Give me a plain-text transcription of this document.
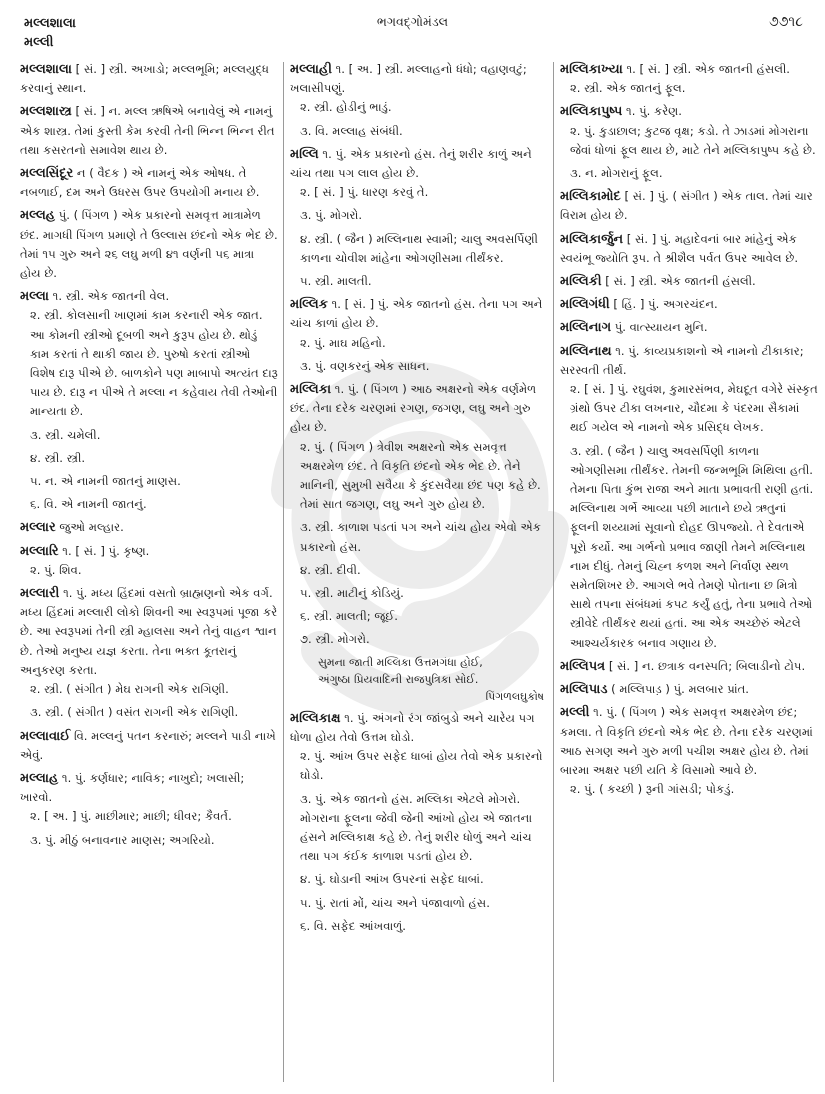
મલ્લશાલા
મલ્લી
ભગવદ્ગોમંડલ	૭૭૧૮
મલ્લશાલા [ સં. ] સ્ત્રી. અખાડો; મલ્લભૂમિ; મલ્લયુદ્ધ કરવાનું સ્થાન.
મલ્લશાસ્ત્ર [ સં. ] ન. મલ્લ ઋષિએ બનાવેલું એ નામનું એક શાસ્ત્ર. તેમાં કુસ્તી કેમ કરવી તેની ભિન્ન ભિન્ન રીત તથા કસરતનો સમાવેશ થાય છે.
મલ્લસિંદૂર ન ( વૈદક ) એ નામનું એક ઓષધ. તે નબળાઈ, દમ અને ઉધરસ ઉપર ઉપયોગી મનાય છે.
મલ્લહ પું. ( પિંગળ ) એક પ્રકારનો સમવૃત્ત માત્રામેળ છંદ. માગધી પિંગળ પ્રમાણે તે ઉલ્લાસ છંદનો એક ભેદ છે. તેમાં ૧૫ ગુરુ અને ૨૬ લઘુ મળી ૪૧ વર્ણની ૫૬ માત્રા હોય છે.
મલ્લા ૧. સ્ત્રી. એક જાતની વેલ.
૨. સ્ત્રી. કોલસાની ખાણમાં કામ કરનારી એક જાત. આ કોમની સ્ત્રીઓ દૂબળી અને કુરૂપ હોય છે. થોડું કામ કરતાં તે થાકી જાય છે. પુરુષો કરતાં સ્ત્રીઓ વિશેષ દારૂ પીએ છે. બાળકોને પણ માબાપો અત્યંત દારૂ પાય છે. દારૂ ન પીએ તે મલ્લા ન કહેવાય તેવી તેઓની માન્યતા છે.
૩. સ્ત્રી. ચમેલી.
૪. સ્ત્રી. સ્ત્રી.
૫. ન. એ નામની જાતનું માણસ.
૬. વિ. એ નામની જાતનું.
મલ્લાર જુઓ મલ્હાર.
મલ્લારિ ૧. [ સં. ] પું. કૃષ્ણ.
૨. પું. શિવ.
મલ્લારી ૧. પું. મધ્ય હિંદમાં વસતો બ્રાહ્મણનો એક વર્ગ. મધ્ય હિંદમાં મલ્લારી લોકો શિવની આ સ્વરૂપમાં પૂજા કરે છે. આ સ્વરૂપમાં તેની સ્ત્રી મ્હાલસા અને તેનું વાહન શ્વાન છે. તેઓ મનુષ્ય યજ્ઞ કરતા. તેના ભક્ત કૂતરાનું અનુકરણ કરતા.
૨. સ્ત્રી. ( સંગીત ) મેઘ રાગની એક રાગિણી.
૩. સ્ત્રી. ( સંગીત ) વસંત રાગની એક રાગિણી.
મલ્લાવાઈ વિ. મલ્લનું પતન કરનારું; મલ્લને પાડી નાખે એવું.
મલ્લાહ ૧. પું. કર્ણધાર; નાવિક; નાખુદો; ખલાસી; ખારવો.
૨. [ અ. ] પું. માછીમાર; માછી; ધીવર; કૈવર્ત.
૩. પું. મીઠું બનાવનાર માણસ; અગરિયો.
મલ્લાહી ૧. [ અ. ] સ્ત્રી. મલ્લાહનો ધંધો; વહાણવટું; ખલાસીપણું.
૨. સ્ત્રી. હોડીનું ભાડું.
૩. વિ. મલ્લાહ સંબંધી.
મલ્લિ ૧. પું. એક પ્રકારનો હંસ. તેનું શરીર કાળું અને ચાંચ તથા પગ લાલ હોય છે.
૨. [ સં. ] પું. ધારણ કરવું તે.
૩. પું. મોગરો.
૪. સ્ત્રી. ( જૈન ) મલ્લિનાથ સ્વામી; ચાલુ અવસર્પિણી કાળના ચોવીશ માંહેના ઓગણીસમા તીર્થંકર.
૫. સ્ત્રી. માલતી.
મલ્લિક ૧. [ સં. ] પું. એક જાતનો હંસ. તેના પગ અને ચાંચ કાળાં હોય છે.
૨. પું. માઘ મહિનો.
૩. પું. વણકરનું એક સાધન.
મલ્લિકા ૧. પું. ( પિંગળ ) આઠ અક્ષરનો એક વર્ણમેળ છંદ. તેના દરેક ચરણમાં રગણ, જગણ, લઘુ અને ગુરુ હોય છે.
૨. પું. ( પિંગળ ) ત્રેવીશ અક્ષરનો એક સમવૃત્ત અક્ષરમેળ છંદ. તે વિકૃતિ છંદનો એક ભેદ છે. તેને માનિની, સુમુખી સવૈયા કે કુંદસવૈયા છંદ પણ કહે છે. તેમાં સાત જગણ, લઘુ અને ગુરુ હોય છે.
૩. સ્ત્રી. કાળાશ પડતાં પગ અને ચાંચ હોય એવો એક પ્રકારનો હંસ.
૪. સ્ત્રી. દીવી.
૫. સ્ત્રી. માટીનું કોડિયું.
૬. સ્ત્રી. માલતી; જૂઈ.
૭. સ્ત્રી. મોગરો.
સુમના જાતી મલ્લિકા ઉત્તમગંધા હોઈ,
અંગુષ્ઠા પ્રિયવાદિની રાજપુત્રિકા સોઈ.
પિંગળલઘુકોષ
મલ્લિકાક્ષ ૧. પું. અંગનો રંગ જાંબુડો અને ચારેય પગ ધોળા હોય તેવો ઉત્તમ ઘોડો.
૨. પું. આંખ ઉપર સફેદ ધાબાં હોય તેવો એક પ્રકારનો ઘોડો.
૩. પું. એક જાતનો હંસ. મલ્લિકા એટલે મોગરો. મોગરાના ફૂલના જેવી જેની આંખો હોય એ જાતના હંસને મલ્લિકાક્ષ કહે છે. તેનું શરીર ધોળું અને ચાંચ તથા પગ કંઈક કાળાશ પડતાં હોય છે.
૪. પું. ઘોડાની આંખ ઉપરનાં સફેદ ધાબાં.
૫. પું. રાતાં મોં, ચાંચ અને પંજાવાળો હંસ.
૬. વિ. સફેદ આંખવાળું.
મલ્લિકાખ્યા ૧. [ સં. ] સ્ત્રી. એક જાતની હંસલી.
૨. સ્ત્રી. એક જાતનું ફૂલ.
મલ્લિકાપુષ્પ ૧. પું. કરેણ.
૨. પું. કુડાછાલ; કુટજ વૃક્ષ; કડો. તે ઝાડમાં મોગરાના જેવાં ધોળાં ફૂલ થાય છે, માટે તેને મલ્લિકાપુષ્પ કહે છે.
૩. ન. મોગરાનું ફૂલ.
મલ્લિકામોદ [ સં. ] પું. ( સંગીત ) એક તાલ. તેમાં ચાર વિરામ હોય છે.
મલ્લિકાર્જુન [ સં. ] પું. મહાદેવનાં બાર માંહેનું એક સ્વયંભૂ જ્યોતિ રૂપ. તે શ્રીશૈલ પર્વત ઉપર આવેલ છે.
મલ્લિકી [ સં. ] સ્ત્રી. એક જાતની હંસલી.
મલ્લિગંધી [ હિં. ] પું. અગરચંદન.
મલ્લિનાગ પું. વાત્સ્યાયન મુનિ.
મલ્લિનાથ ૧. પું. કાવ્યપ્રકાશનો એ નામનો ટીકાકાર; સરસ્વતી તીર્થ.
૨. [ સં. ] પું. રઘુવંશ, કુમારસંભવ, મેઘદૂત વગેરે સંસ્કૃત ગ્રંથો ઉપર ટીકા લખનાર, ચૌદમા કે પંદરમા સૈકામાં થઈ ગયેલ એ નામનો એક પ્રસિદ્ધ લેખક.
૩. સ્ત્રી. ( જૈન ) ચાલુ અવસર્પિણી કાળના ઓગણીસમા તીર્થંકર. તેમની જન્મભૂમિ મિથિલા હતી. તેમના પિતા કુંભ રાજા અને માતા પ્રભાવતી રાણી હતાં. મલ્લિનાથ ગર્ભે આવ્યા પછી માતાને છયે ઋતુનાં ફૂલની શય્યામાં સૂવાનો દોહદ ઊપજ્યો. તે દેવતાએ પૂરો કર્યો. આ ગર્ભનો પ્રભાવ જાણી તેમને મલ્લિનાથ નામ દીધું. તેમનું ચિહ્ન કળશ અને નિર્વાણ સ્થળ સમેતશિખર છે. આગલે ભવે તેમણે પોતાના છ મિત્રો સાથે તપના સંબંધમાં કપટ કર્યું હતું, તેના પ્રભાવે તેઓ સ્ત્રીવેદે તીર્થંકર થયાં હતાં. આ એક અચ્છેરું એટલે આશ્ચર્યકારક બનાવ ગણાય છે.
મલ્લિપત્ર [ સં. ] ન. છત્રાક વનસ્પતિ; બિલાડીનો ટોપ.
મલ્લિપાડ ( મલ્લિપાડ઼ ) પું. મલબાર પ્રાંત.
મલ્લી ૧. પું. ( પિંગળ ) એક સમવૃત્ત અક્ષરમેળ છંદ; કમલા. તે વિકૃતિ છંદનો એક ભેદ છે. તેના દરેક ચરણમાં આઠ સગણ અને ગુરુ મળી પચીશ અક્ષર હોય છે. તેમાં બારમા અક્ષર પછી યતિ કે વિસામો આવે છે.
૨. પું. ( કચ્છી ) રૂની ગાંસડી; પોકડું.
